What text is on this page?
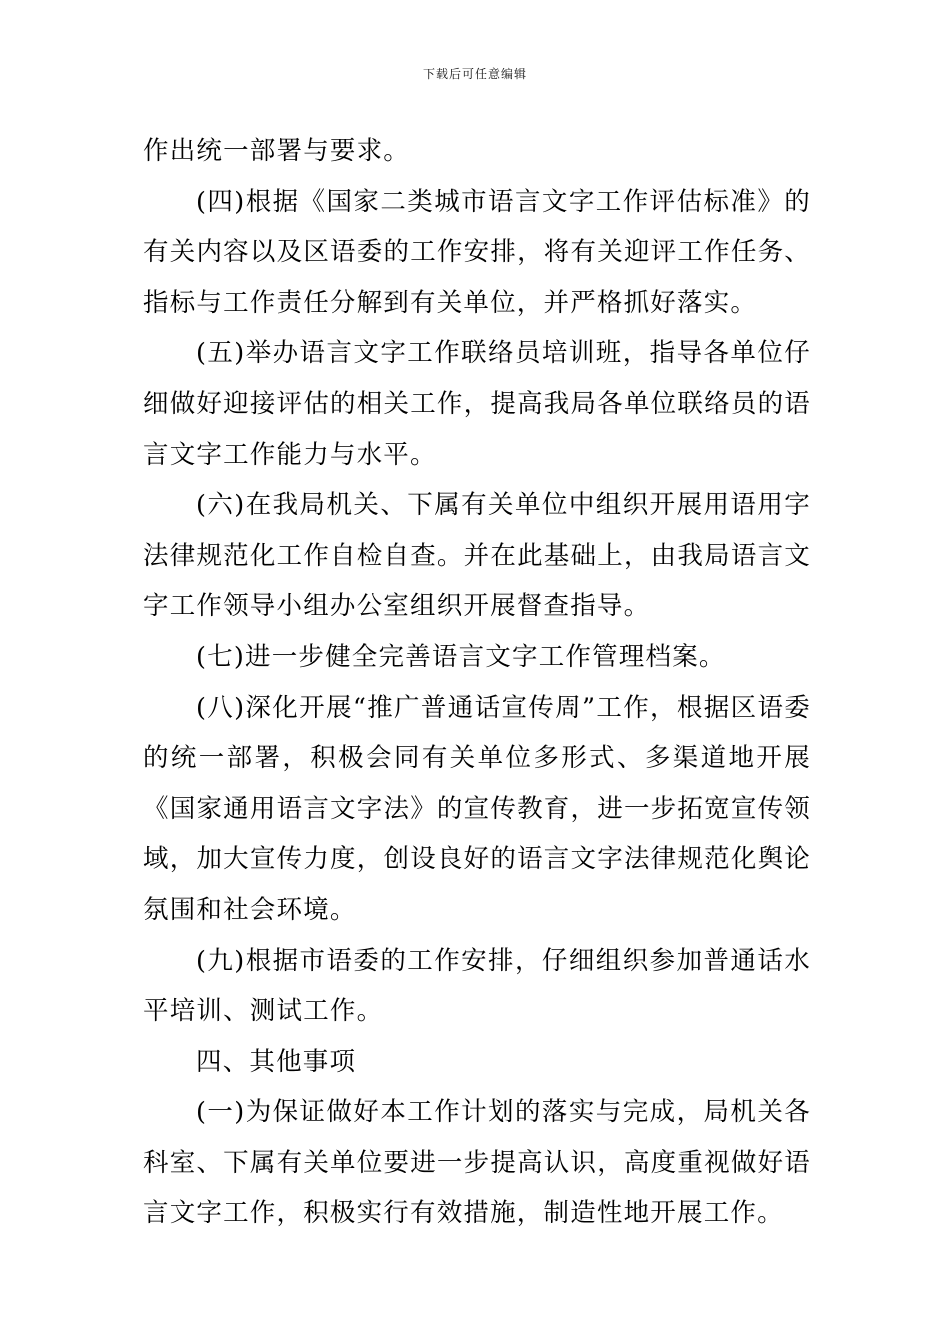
下载后可任意编辑

作出统一部署与要求。

(四)根据《国家二类城市语言文字工作评估标准》的有关内容以及区语委的工作安排，将有关迎评工作任务、指标与工作责任分解到有关单位，并严格抓好落实。

(五)举办语言文字工作联络员培训班，指导各单位仔细做好迎接评估的相关工作，提高我局各单位联络员的语言文字工作能力与水平。

(六)在我局机关、下属有关单位中组织开展用语用字法律规范化工作自检自查。并在此基础上，由我局语言文字工作领导小组办公室组织开展督查指导。

(七)进一步健全完善语言文字工作管理档案。

(八)深化开展“推广普通话宣传周”工作，根据区语委的统一部署，积极会同有关单位多形式、多渠道地开展《国家通用语言文字法》的宣传教育，进一步拓宽宣传领域，加大宣传力度，创设良好的语言文字法律规范化舆论氛围和社会环境。

(九)根据市语委的工作安排，仔细组织参加普通话水平培训、测试工作。

四、其他事项

(一)为保证做好本工作计划的落实与完成，局机关各科室、下属有关单位要进一步提高认识，高度重视做好语言文字工作，积极实行有效措施，制造性地开展工作。
